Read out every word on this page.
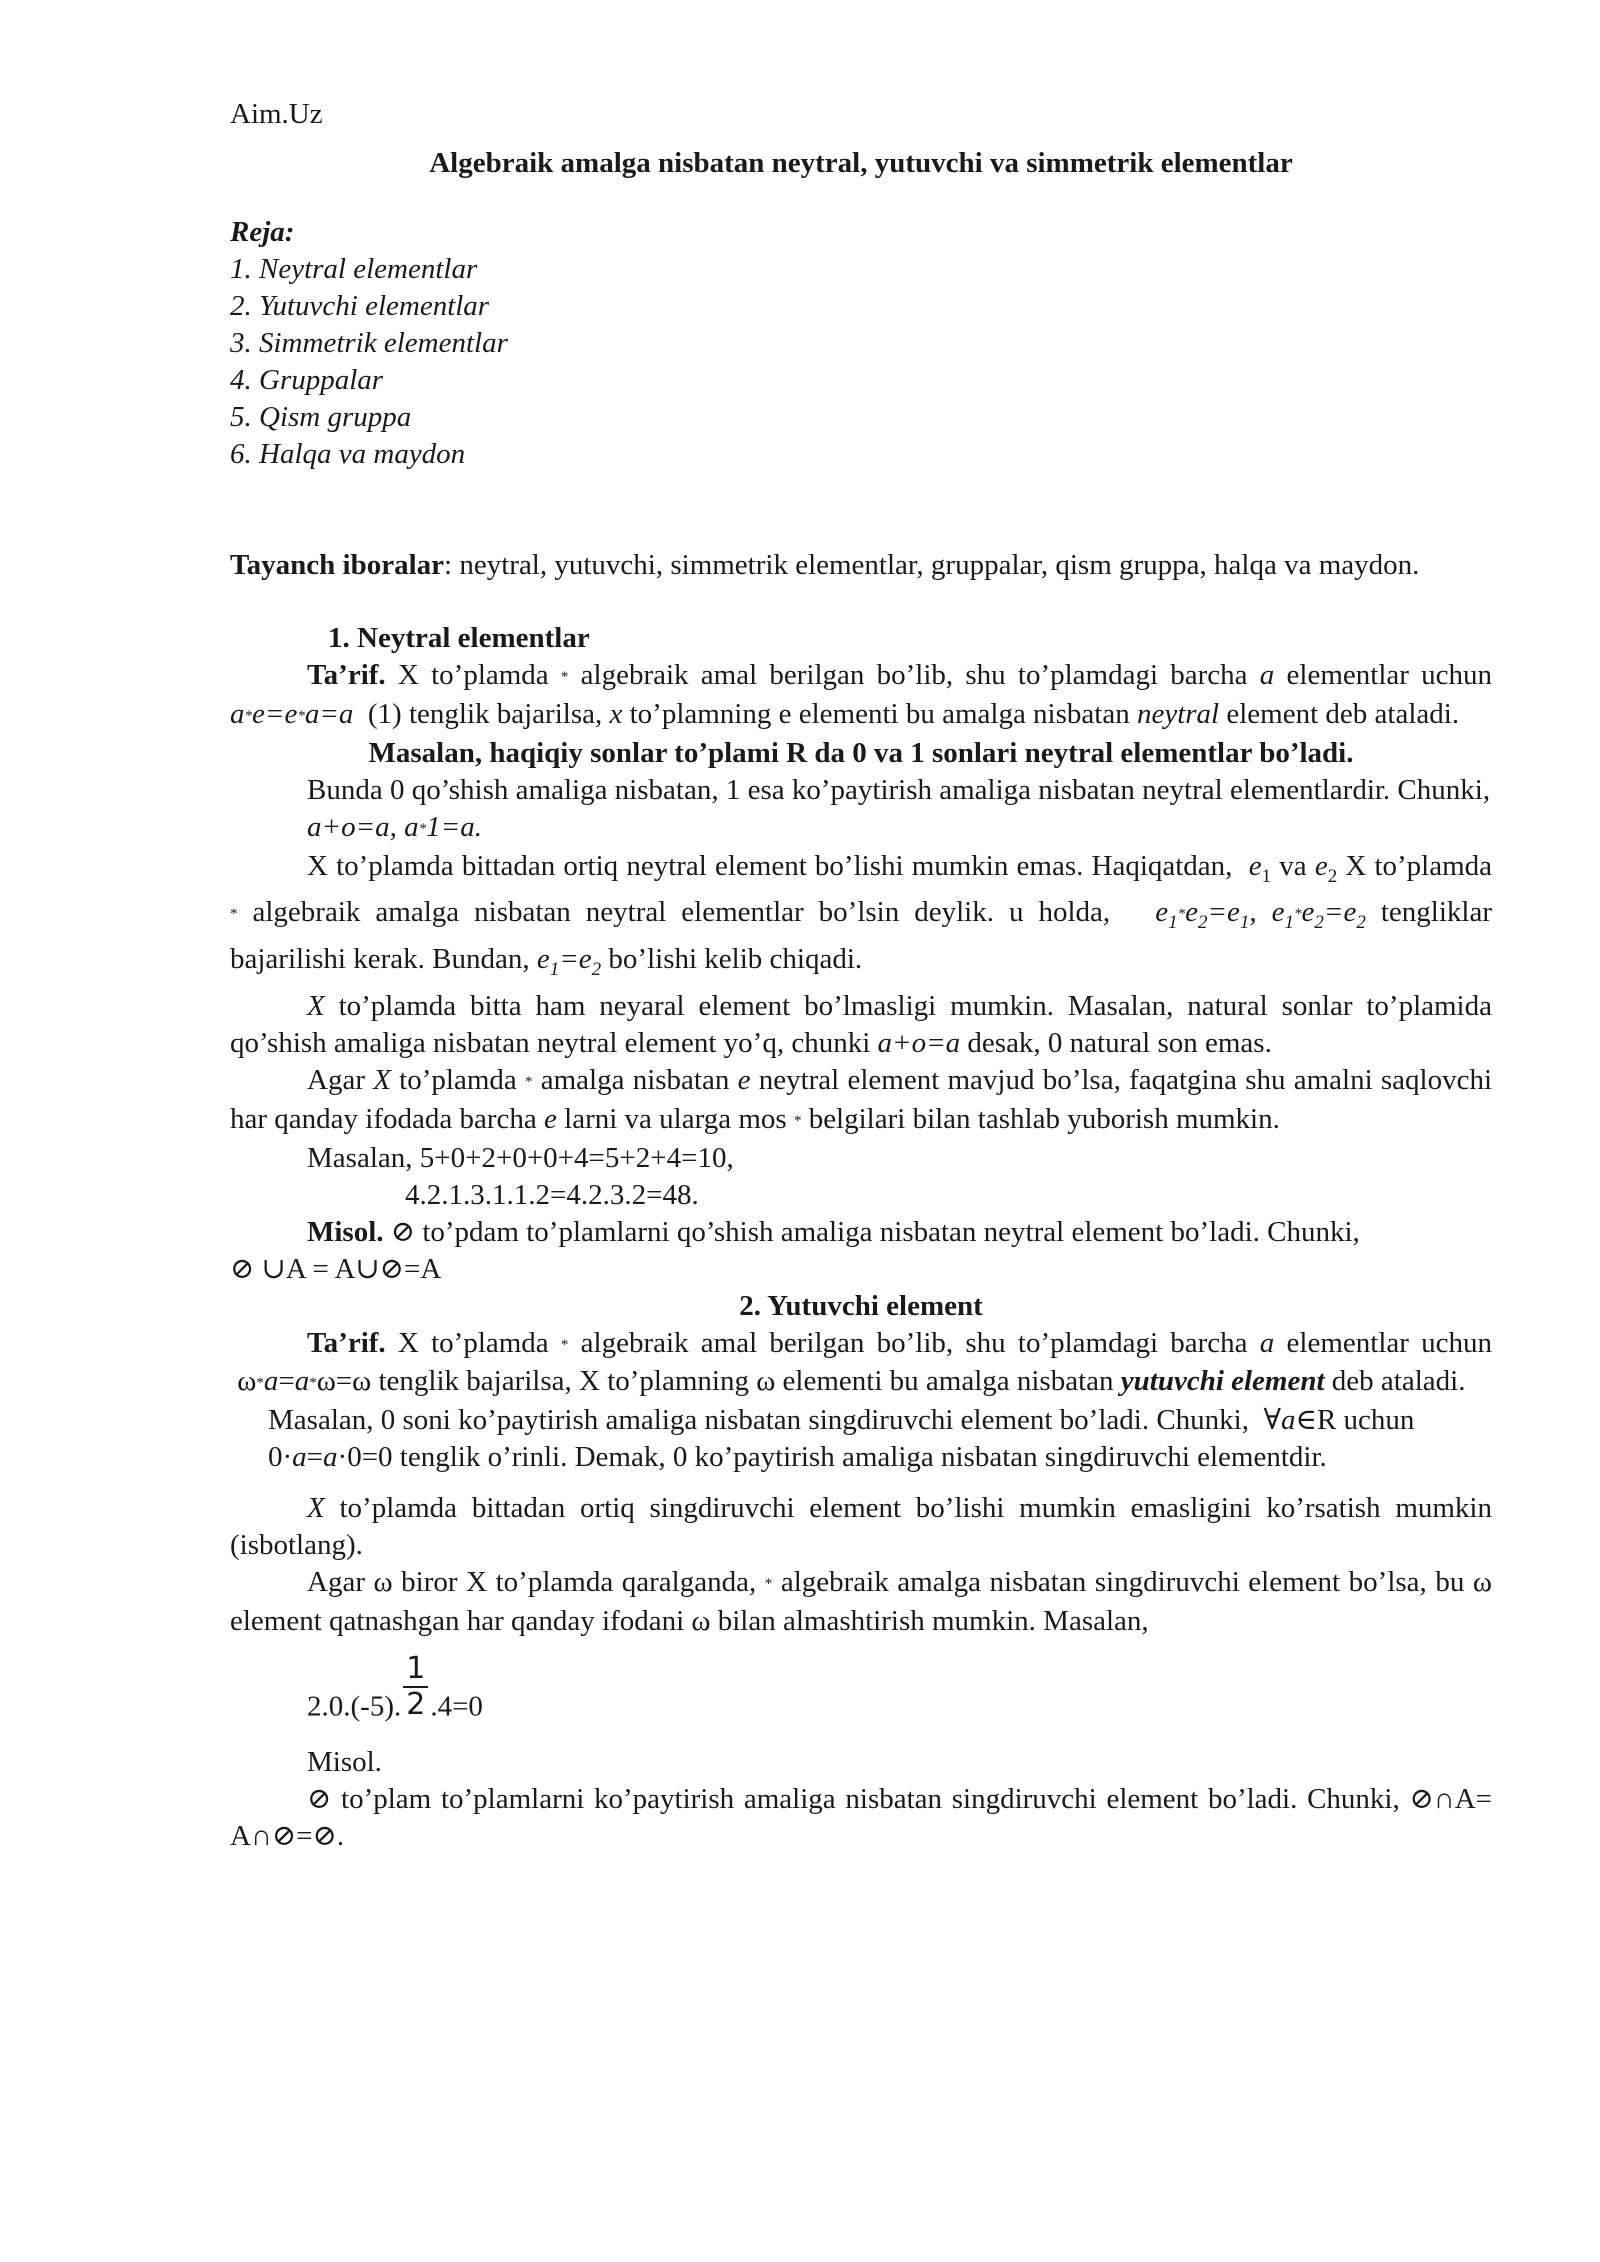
Aim.Uz
Algebraik amalga nisbatan neytral, yutuvchi va simmetrik elementlar
Reja:
1. Neytral elementlar
2. Yutuvchi elementlar
3. Simmetrik elementlar
4. Gruppalar
5. Qism gruppa
6. Halqa va maydon
Tayanch iboralar: neytral, yutuvchi, simmetrik elementlar, gruppalar, qism gruppa, halqa va maydon.
1. Neytral elementlar
Ta’rif. X to’plamda * algebraik amal berilgan bo’lib, shu to’plamdagi barcha a elementlar uchun a*e=e*a=a  (1) tenglik bajarilsa, x to’plamning e elementi bu amalga nisbatan neytral element deb ataladi.
Masalan, haqiqiy sonlar to’plami R da 0 va 1 sonlari neytral elementlar bo’ladi.
Bunda 0 qo’shish amaliga nisbatan, 1 esa ko’paytirish amaliga nisbatan neytral elementlardir. Chunki,
a+o=a, a*1=a.
X to’plamda bittadan ortiq neytral element bo’lishi mumkin emas. Haqiqatdan,  $e_1$ va $e_2$ X to’plamda * algebraik amalga nisbatan neytral elementlar bo’lsin deylik. u holda,   $e_1*e_2=e_1$, $e_1*e_2=e_2$ tengliklar bajarilishi kerak. Bundan, $e_1=e_2$ bo’lishi kelib chiqadi.
X to’plamda bitta ham neyaral element bo’lmasligi mumkin. Masalan, natural sonlar to’plamida qo’shish amaliga nisbatan neytral element yo’q, chunki a+o=a desak, 0 natural son emas.
Agar X to’plamda * amalga nisbatan e neytral element mavjud bo’lsa, faqatgina shu amalni saqlovchi har qanday ifodada barcha e larni va ularga mos * belgilari bilan tashlab yuborish mumkin.
Masalan, 5+0+2+0+0+4=5+2+4=10,
4.2.1.3.1.1.2=4.2.3.2=48.
Misol. ⊘ to’pdam to’plamlarni qo’shish amaliga nisbatan neytral element bo’ladi. Chunki,
⊘ ∪A = A∪⊘=A
2. Yutuvchi element
Ta’rif. X to’plamda * algebraik amal berilgan bo’lib, shu to’plamdagi barcha a elementlar uchun  ω*a=a*ω=ω tenglik bajarilsa, X to’plamning ω elementi bu amalga nisbatan yutuvchi element deb ataladi.
Masalan, 0 soni ko’paytirish amaliga nisbatan singdiruvchi element bo’ladi. Chunki,  ∀a∈R uchun 0·a=a·0=0 tenglik o’rinli. Demak, 0 ko’paytirish amaliga nisbatan singdiruvchi elementdir.
X to’plamda bittadan ortiq singdiruvchi element bo’lishi mumkin emasligini ko’rsatish mumkin (isbotlang).
Agar ω biror X to’plamda qaralganda, * algebraik amalga nisbatan singdiruvchi element bo’lsa, bu ω element qatnashgan har qanday ifodani ω bilan almashtirish mumkin. Masalan,
2.0.(-5). $\frac{1}{2} .4=0$
Misol.
⊘ to’plam to’plamlarni ko’paytirish amaliga nisbatan singdiruvchi element bo’ladi. Chunki, ⊘∩A= A∩⊘=⊘.
